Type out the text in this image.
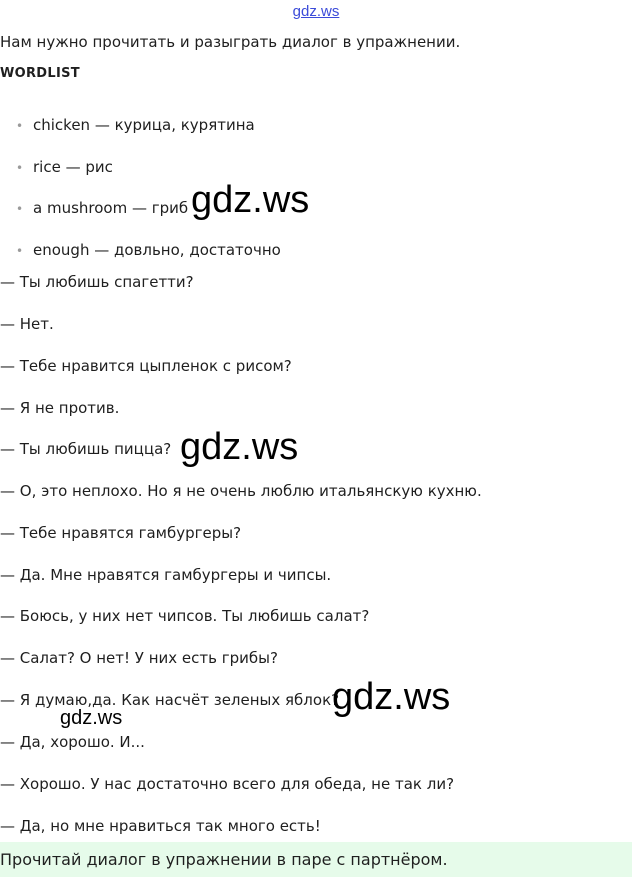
gdz.ws
Нам нужно прочитать и разыграть диалог в упражнении.
WORDLIST
• chicken — курица, курятина
• rice — рис
• a mushroom — гриб
• enough — довльно, достаточно
— Ты любишь спагетти?
— Нет.
— Тебе нравится цыпленок с рисом?
— Я не против.
— Ты любишь пицца?
— О, это неплохо. Но я не очень люблю итальянскую кухню.
— Тебе нравятся гамбургеры?
— Да. Мне нравятся гамбургеры и чипсы.
— Боюсь, у них нет чипсов. Ты любишь салат?
— Салат? О нет! У них есть грибы?
— Я думаю,да. Как насчёт зеленых яблок?
— Да, хорошо. И...
— Хорошо. У нас достаточно всего для обеда, не так ли?
— Да, но мне нравиться так много есть!
gdz.ws
gdz.ws
gdz.ws
gdz.ws
Прочитай диалог в упражнении в паре с партнёром.
